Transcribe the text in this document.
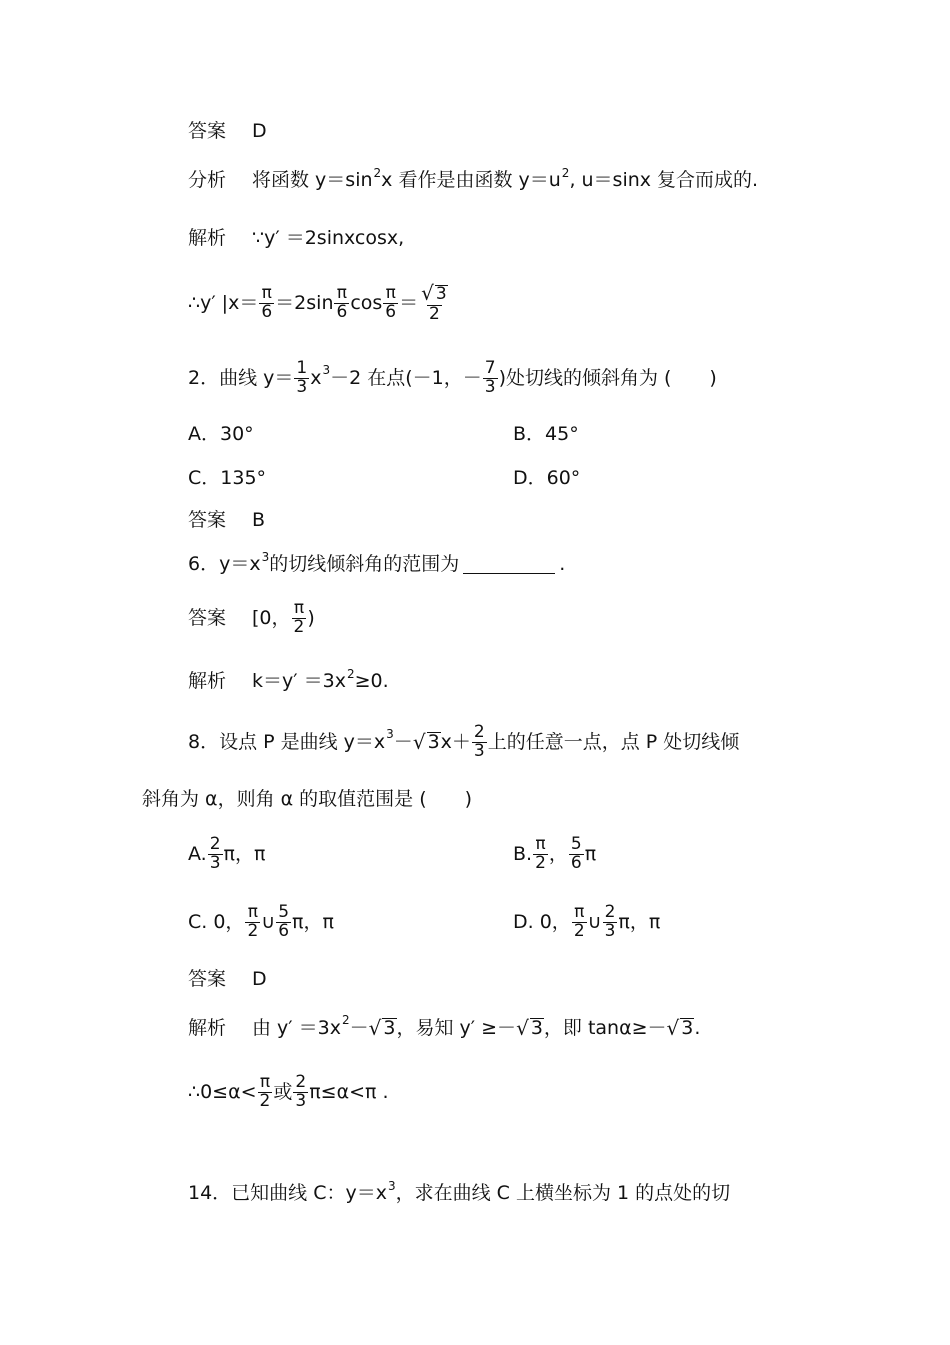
答案 D
分析 将函数 y＝sin 2 x 看作是由函数 y＝u 2 , u＝sinx 复合而成的.
解析 ∵y′ ＝2sinxcosx,
∴y′ $|x= \frac{\pi}{6} =2\sin \frac{\pi}{6}$ $\cos \frac{\pi}{6} = \frac{√ 3}{2}$
2．曲线 $y= \frac{1}{3}$ x 3 －2 在点(－1，－ $\frac{7}{3}$ )处切线的倾斜角为 (　　)
A．30°	B．45°
C．135°	D．60°
答案 B
6．y＝x 3 的切线倾斜角的范围为	.
答案 [0， $\frac{\pi}{2}$ )
解析 k＝y′ ＝3x 2 ≥0.
8．设点 P 是曲线 y＝x 3 － √ 3 $x+ \frac{2}{3}$ 上的任意一点，点 P 处切线倾
斜角为 α，则角 α 的取值范围是 (　　)
A. $\frac{2}{3}$ π，π	B. $\frac{\pi}{2}$ ， $\frac{5}{6}$ π
C. 0， $\frac{\pi}{2}$ ∪ $\frac{5}{6}$ π，π	D. 0， $\frac{\pi}{2}$ ∪ $\frac{2}{3}$ π，π
答案 D
解析 由 y′ ＝3x 2 － √ 3 ，易知 y′ ≥－ √ 3 ，即 tanα≥－ √ 3 .
∴0≤α< $\frac{\pi}{2}$ 或 $\frac{2}{3} \pi\le\alpha<\pi$ .
14．已知曲线 C：y＝x 3 ，求在曲线 C 上横坐标为 1 的点处的切
